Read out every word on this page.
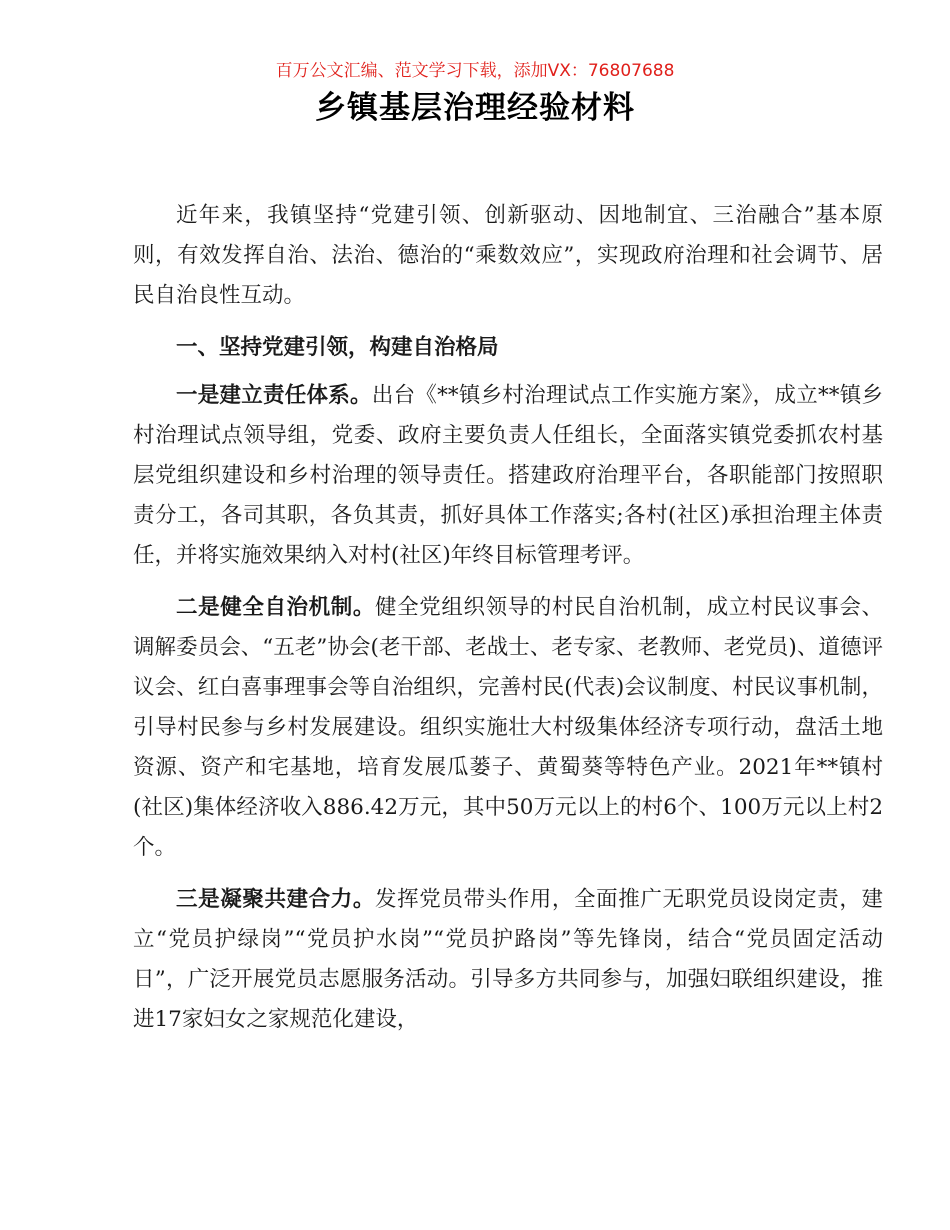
百万公文汇编、范文学习下载，添加VX：76807688
乡镇基层治理经验材料

近年来，我镇坚持“党建引领、创新驱动、因地制宜、三治融合”基本原则，有效发挥自治、法治、德治的“乘数效应”，实现政府治理和社会调节、居民自治良性互动。

一、坚持党建引领，构建自治格局

一是建立责任体系。出台《**镇乡村治理试点工作实施方案》，成立**镇乡村治理试点领导组，党委、政府主要负责人任组长，全面落实镇党委抓农村基层党组织建设和乡村治理的领导责任。搭建政府治理平台，各职能部门按照职责分工，各司其职，各负其责，抓好具体工作落实;各村(社区)承担治理主体责任，并将实施效果纳入对村(社区)年终目标管理考评。

二是健全自治机制。健全党组织领导的村民自治机制，成立村民议事会、调解委员会、“五老”协会(老干部、老战士、老专家、老教师、老党员)、道德评议会、红白喜事理事会等自治组织，完善村民(代表)会议制度、村民议事机制，引导村民参与乡村发展建设。组织实施壮大村级集体经济专项行动，盘活土地资源、资产和宅基地，培育发展瓜蒌子、黄蜀葵等特色产业。2021年**镇村(社区)集体经济收入886.42万元，其中50万元以上的村6个、100万元以上村2个。

三是凝聚共建合力。发挥党员带头作用，全面推广无职党员设岗定责，建立“党员护绿岗”“党员护水岗”“党员护路岗”等先锋岗，结合“党员固定活动日”，广泛开展党员志愿服务活动。引导多方共同参与，加强妇联组织建设，推进17家妇女之家规范化建设，
